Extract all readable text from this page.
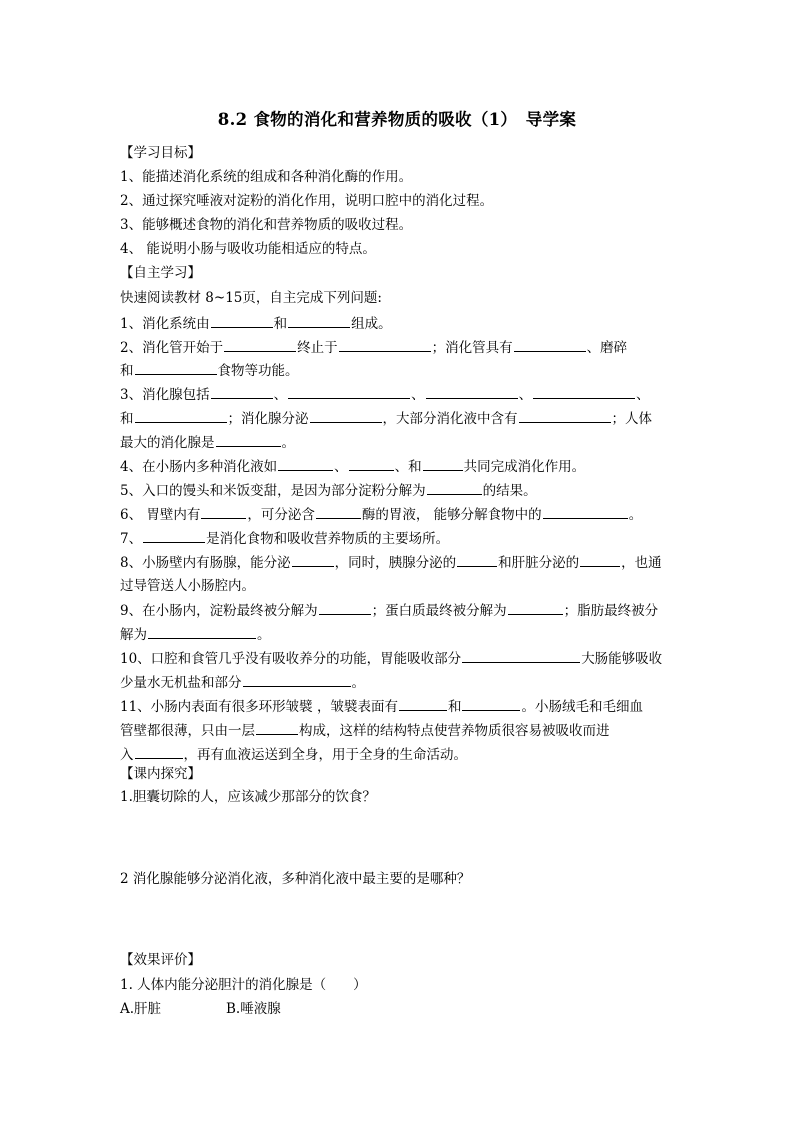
8.2 食物的消化和营养物质的吸收（1）　导学案
【学习目标】
1、能描述消化系统的组成和各种消化酶的作用。
2、通过探究唾液对淀粉的消化作用，说明口腔中的消化过程。
3、能够概述食物的消化和营养物质的吸收过程。
4、 能说明小肠与吸收功能相适应的特点。
【自主学习】
快速阅读教材 8~15页，自主完成下列问题:
1、消化系统由	和	组成。
2、消化管开始于	终止于	；消化管具有	、磨碎
和	食物等功能。
3、消化腺包括	、	、	、	、
和	；消化腺分泌	，大部分消化液中含有	；人体
最大的消化腺是	。
4、在小肠内多种消化液如	、	、和	共同完成消化作用。
5、入口的馒头和米饭变甜，是因为部分淀粉分解为	的结果。
6、 胃壁内有	，可分泌含	酶的胃液， 能够分解食物中的	。
7、	是消化食物和吸收营养物质的主要场所。
8、小肠壁内有肠腺，能分泌	，同时，胰腺分泌的	和肝脏分泌的	，也通
过导管送人小肠腔内。
9、在小肠内，淀粉最终被分解为	；蛋白质最终被分解为	；脂肪最终被分
解为	。
10、口腔和食管几乎没有吸收养分的功能，胃能吸收部分	大肠能够吸收
少量水无机盐和部分	。
11、小肠内表面有很多环形皱襞 ，皱襞表面有	和	。小肠绒毛和毛细血
管壁都很薄，只由一层	构成，这样的结构特点使营养物质很容易被吸收而进
入	，再有血液运送到全身，用于全身的生命活动。
【课内探究】
1.胆囊切除的人，应该减少那部分的饮食？
2 消化腺能够分泌消化液，多种消化液中最主要的是哪种？
【效果评价】
1. 人体内能分泌胆汁的消化腺是（　　）
A.肝脏	B.唾液腺
